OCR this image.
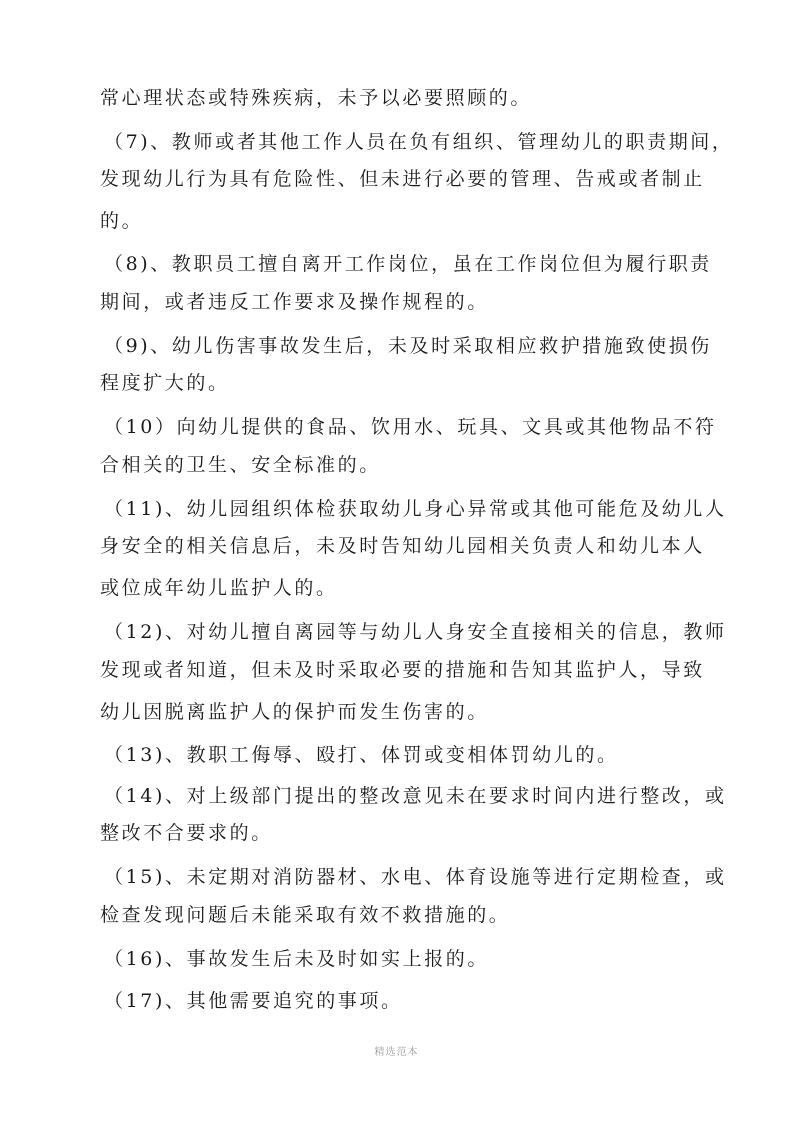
常心理状态或特殊疾病，未予以必要照顾的。
（7)、教师或者其他工作人员在负有组织、管理幼儿的职责期间，
发现幼儿行为具有危险性、但未进行必要的管理、告戒或者制止
的。
（8)、教职员工擅自离开工作岗位，虽在工作岗位但为履行职责
期间，或者违反工作要求及操作规程的。
（9)、幼儿伤害事故发生后，未及时采取相应救护措施致使损伤
程度扩大的。
（10）向幼儿提供的食品、饮用水、玩具、文具或其他物品不符
合相关的卫生、安全标准的。
（11)、幼儿园组织体检获取幼儿身心异常或其他可能危及幼儿人
身安全的相关信息后，未及时告知幼儿园相关负责人和幼儿本人
或位成年幼儿监护人的。
（12)、对幼儿擅自离园等与幼儿人身安全直接相关的信息，教师
发现或者知道，但未及时采取必要的措施和告知其监护人，导致
幼儿因脱离监护人的保护而发生伤害的。
（13)、教职工侮辱、殴打、体罚或变相体罚幼儿的。
（14)、对上级部门提出的整改意见未在要求时间内进行整改，或
整改不合要求的。
（15)、未定期对消防器材、水电、体育设施等进行定期检查，或
检查发现问题后未能采取有效不救措施的。
（16)、事故发生后未及时如实上报的。
（17)、其他需要追究的事项。
精选范本
